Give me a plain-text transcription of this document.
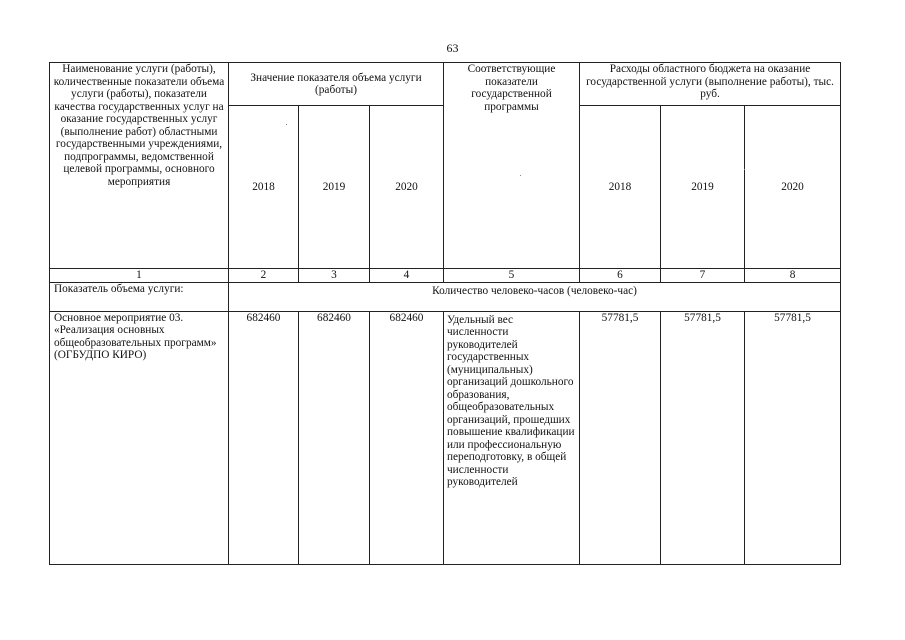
63
Наименование услуги (работы), количественные показатели объема услуги (работы), показатели качества государственных услуг на оказание государственных услуг (выполнение работ) областными государственными учреждениями, подпрограммы, ведомственной целевой программы, основного мероприятия	Значение показателя объема услуги (работы)			Соответствующие показатели государственной программы	Расходы областного бюджета на оказание государственной услуги (выполнение работы), тыс. руб.		
	2018	2019	2020		2018	2019	2020
1	2	3	4	5	6	7	8
Показатель объема услуги:	Количество человеко-часов (человеко-час)						
Основное мероприятие 03. «Реализация основных общеобразовательных программ» (ОГБУДПО КИРО)	682460	682460	682460	Удельный вес численности руководителей государственных (муниципальных) организаций дошкольного образования, общеобразовательных организаций, прошедших повышение квалификации или профессиональную переподготовку, в общей численности руководителей	57781,5	57781,5	57781,5
